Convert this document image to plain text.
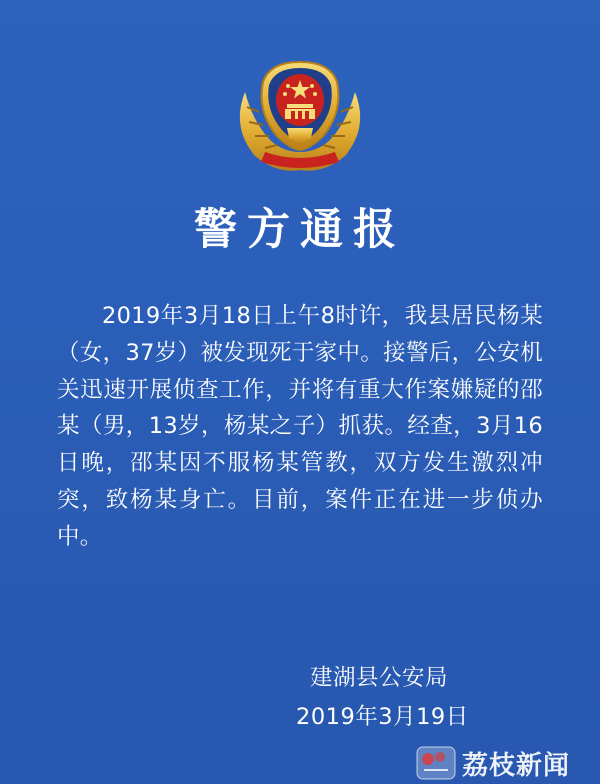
警方通报
2019年3月18日上午8时许，我县居民杨某（女，37岁）被发现死于家中。接警后，公安机关迅速开展侦查工作，并将有重大作案嫌疑的邵某（男，13岁，杨某之子）抓获。经查，3月16日晚，邵某因不服杨某管教，双方发生激烈冲突，致杨某身亡。目前，案件正在进一步侦办中。
建湖县公安局
2019年3月19日
荔枝新闻
